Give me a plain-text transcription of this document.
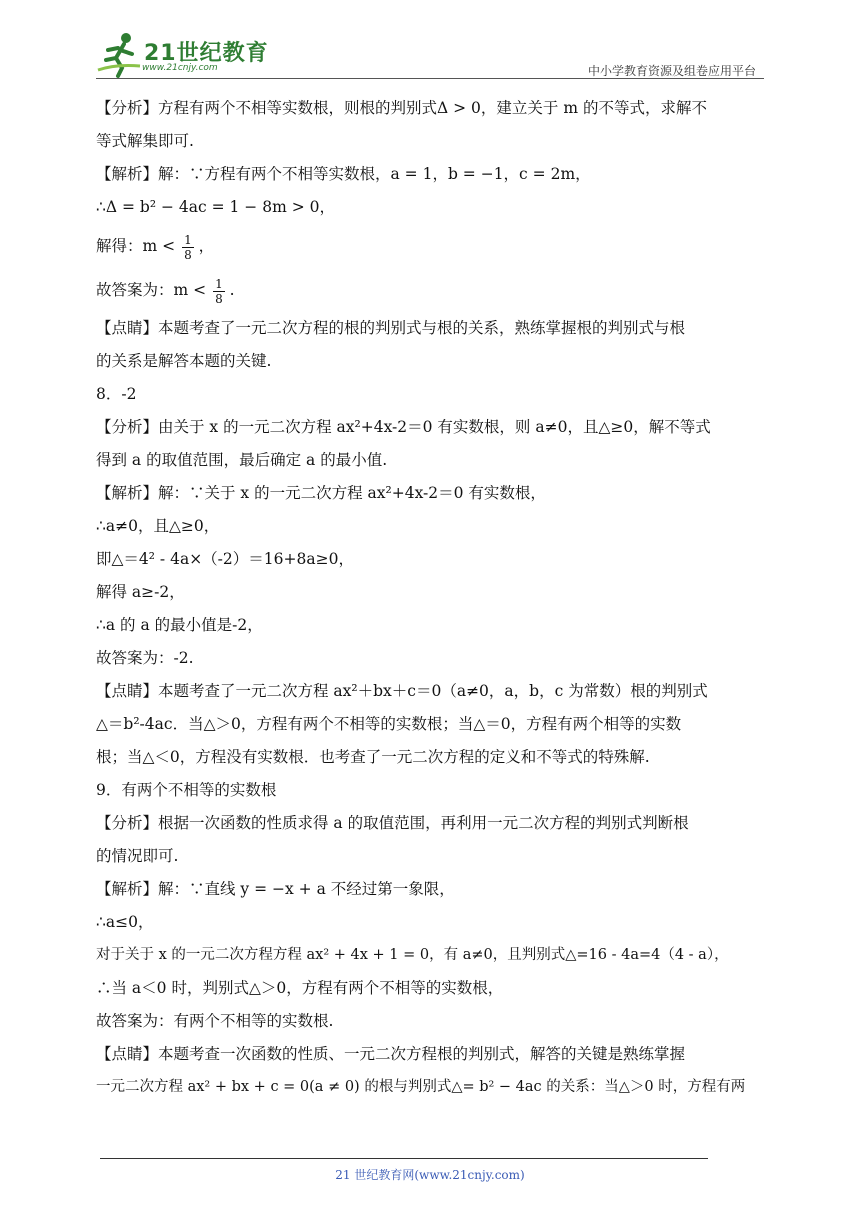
21世纪教育
www.21cnjy.com	中小学教育资源及组卷应用平台

【分析】方程有两个不相等实数根，则根的判别式Δ > 0，建立关于 m 的不等式，求解不

等式解集即可.

【解析】解：∵方程有两个不相等实数根，a = 1，b = −1，c = 2m，

∴Δ = b² − 4ac = 1 − 8m > 0，

解得：$m < \frac{1}{8}$ ，

故答案为：$m < \frac{1}{8}$ .

【点睛】本题考查了一元二次方程的根的判别式与根的关系，熟练掌握根的判别式与根

的关系是解答本题的关键.

8．-2

【分析】由关于 x 的一元二次方程 ax²+4x-2＝0 有实数根，则 a≠0，且△≥0，解不等式

得到 a 的取值范围，最后确定 a 的最小值.

【解析】解：∵关于 x 的一元二次方程 ax²+4x-2＝0 有实数根，

∴a≠0，且△≥0，

即△＝4² - 4a×（-2）＝16+8a≥0，

解得 a≥-2，

∴a 的 a 的最小值是-2，

故答案为：-2.

【点睛】本题考查了一元二次方程 ax²＋bx＋c＝0（a≠0，a，b，c 为常数）根的判别式

△＝b²-4ac．当△＞0，方程有两个不相等的实数根；当△＝0，方程有两个相等的实数

根；当△＜0，方程没有实数根．也考查了一元二次方程的定义和不等式的特殊解.

9．有两个不相等的实数根

【分析】根据一次函数的性质求得 a 的取值范围，再利用一元二次方程的判别式判断根

的情况即可.

【解析】解：∵直线 y = −x + a 不经过第一象限，

∴a≤0，

对于关于 x 的一元二次方程方程 ax² + 4x + 1 = 0，有 a≠0，且判别式△=16 - 4a=4（4 - a），

∴当 a＜0 时，判别式△＞0，方程有两个不相等的实数根，

故答案为：有两个不相等的实数根.

【点睛】本题考查一次函数的性质、一元二次方程根的判别式，解答的关键是熟练掌握

一元二次方程 ax² + bx + c = 0(a ≠ 0) 的根与判别式△= b² − 4ac 的关系：当△＞0 时，方程有两

21 世纪教育网(www.21cnjy.com)
